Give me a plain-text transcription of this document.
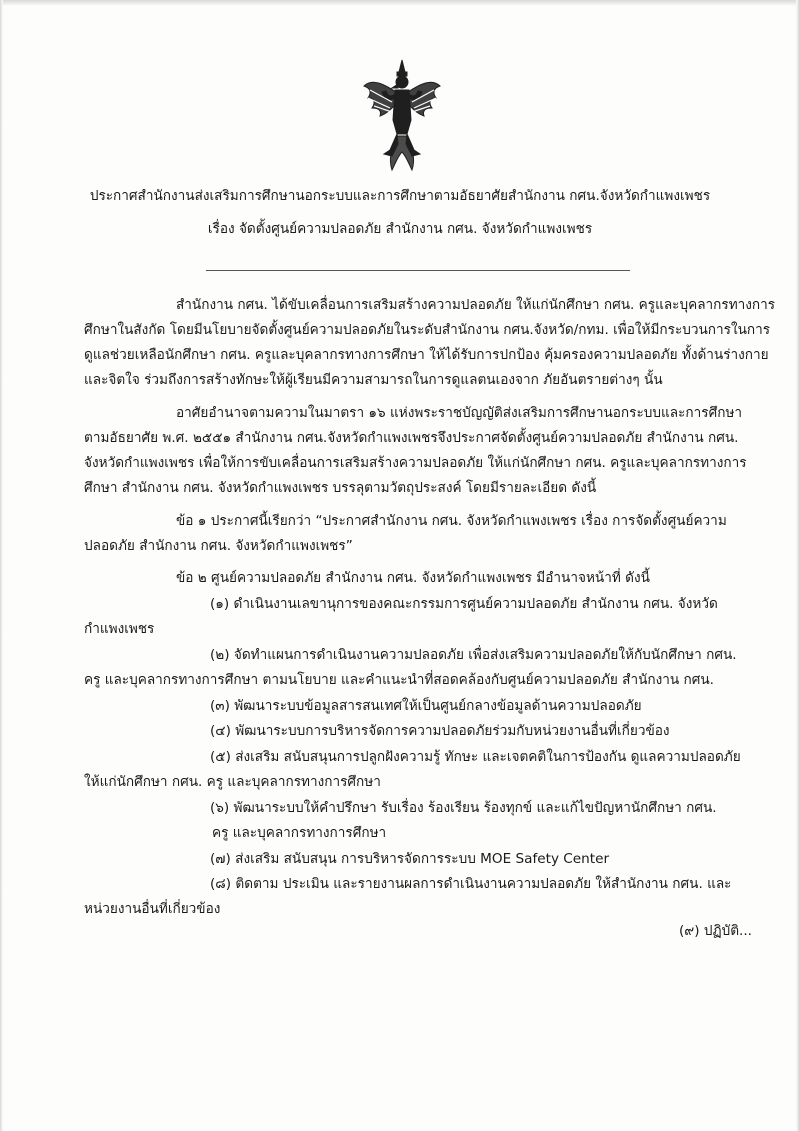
ประกาศสำนักงานส่งเสริมการศึกษานอกระบบและการศึกษาตามอัธยาศัยสำนักงาน กศน.จังหวัดกำแพงเพชร
เรื่อง จัดตั้งศูนย์ความปลอดภัย สำนักงาน กศน. จังหวัดกำแพงเพชร
สำนักงาน กศน. ได้ขับเคลื่อนการเสริมสร้างความปลอดภัย ให้แก่นักศึกษา กศน. ครูและบุคลากรทางการ
ศึกษาในสังกัด โดยมีนโยบายจัดตั้งศูนย์ความปลอดภัยในระดับสำนักงาน กศน.จังหวัด/กทม. เพื่อให้มีกระบวนการในการ
ดูแลช่วยเหลือนักศึกษา กศน. ครูและบุคลากรทางการศึกษา ให้ได้รับการปกป้อง คุ้มครองความปลอดภัย ทั้งด้านร่างกาย
และจิตใจ ร่วมถึงการสร้างทักษะให้ผู้เรียนมีความสามารถในการดูแลตนเองจาก ภัยอันตรายต่างๆ นั้น
อาศัยอำนาจตามความในมาตรา ๑๖ แห่งพระราชบัญญัติส่งเสริมการศึกษานอกระบบและการศึกษา
ตามอัธยาศัย พ.ศ. ๒๕๕๑ สำนักงาน กศน.จังหวัดกำแพงเพชรจึงประกาศจัดตั้งศูนย์ความปลอดภัย สำนักงาน กศน.
จังหวัดกำแพงเพชร เพื่อให้การขับเคลื่อนการเสริมสร้างความปลอดภัย ให้แก่นักศึกษา กศน. ครูและบุคลากรทางการ
ศึกษา สำนักงาน กศน. จังหวัดกำแพงเพชร บรรลุตามวัตถุประสงค์ โดยมีรายละเอียด ดังนี้
ข้อ ๑ ประกาศนี้เรียกว่า “ประกาศสำนักงาน กศน. จังหวัดกำแพงเพชร เรื่อง การจัดตั้งศูนย์ความ
ปลอดภัย สำนักงาน กศน. จังหวัดกำแพงเพชร”
ข้อ ๒ ศูนย์ความปลอดภัย สำนักงาน กศน. จังหวัดกำแพงเพชร มีอำนาจหน้าที่ ดังนี้
(๑) ดำเนินงานเลขานุการของคณะกรรมการศูนย์ความปลอดภัย สำนักงาน กศน. จังหวัด
กำแพงเพชร
(๒) จัดทำแผนการดำเนินงานความปลอดภัย เพื่อส่งเสริมความปลอดภัยให้กับนักศึกษา กศน.
ครู และบุคลากรทางการศึกษา ตามนโยบาย และคำแนะนำที่สอดคล้องกับศูนย์ความปลอดภัย สำนักงาน กศน.
(๓) พัฒนาระบบข้อมูลสารสนเทศให้เป็นศูนย์กลางข้อมูลด้านความปลอดภัย
(๔) พัฒนาระบบการบริหารจัดการความปลอดภัยร่วมกับหน่วยงานอื่นที่เกี่ยวข้อง
(๕) ส่งเสริม สนับสนุนการปลูกฝังความรู้ ทักษะ และเจตคติในการป้องกัน ดูแลความปลอดภัย
ให้แก่นักศึกษา กศน. ครู และบุคลากรทางการศึกษา
(๖) พัฒนาระบบให้คำปรึกษา รับเรื่อง ร้องเรียน ร้องทุกข์ และแก้ไขปัญหานักศึกษา กศน.
ครู และบุคลากรทางการศึกษา
(๗) ส่งเสริม สนับสนุน การบริหารจัดการระบบ MOE Safety Center
(๘) ติดตาม ประเมิน และรายงานผลการดำเนินงานความปลอดภัย ให้สำนักงาน กศน. และ
หน่วยงานอื่นที่เกี่ยวข้อง
(๙) ปฏิบัติ...
